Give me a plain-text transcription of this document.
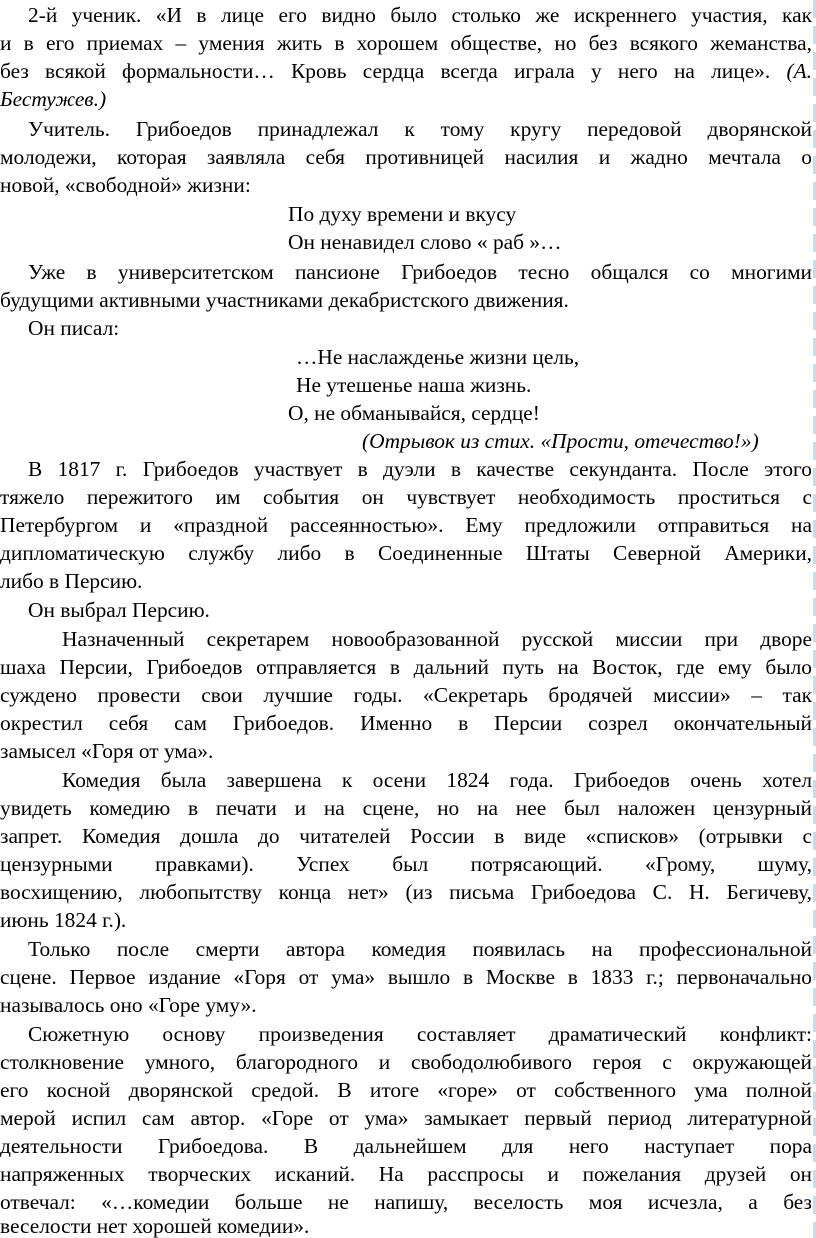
2-й ученик. «И в лице его видно было столько же искреннего участия, как
и в его приемах – умения жить в хорошем обществе, но без всякого жеманства,
без всякой формальности… Кровь сердца всегда играла у него на лице». (А.
Бестужев.)
Учитель. Грибоедов принадлежал к тому кругу передовой дворянской
молодежи, которая заявляла себя противницей насилия и жадно мечтала о
новой, «свободной» жизни:
По духу времени и вкусу
Он ненавидел слово « раб »…
Уже в университетском пансионе Грибоедов тесно общался со многими
будущими активными участниками декабристского движения.
Он писал:
…Не наслажденье жизни цель,
Не утешенье наша жизнь.
О, не обманывайся, сердце!
(Отрывок из стих. «Прости, отечество!»)
В 1817 г. Грибоедов участвует в дуэли в качестве секунданта. После этого
тяжело пережитого им события он чувствует необходимость проститься с
Петербургом и «праздной рассеянностью». Ему предложили отправиться на
дипломатическую службу либо в Соединенные Штаты Северной Америки,
либо в Персию.
Он выбрал Персию.
Назначенный секретарем новообразованной русской миссии при дворе
шаха Персии, Грибоедов отправляется в дальний путь на Восток, где ему было
суждено провести свои лучшие годы. «Секретарь бродячей миссии» – так
окрестил себя сам Грибоедов. Именно в Персии созрел окончательный
замысел «Горя от ума».
Комедия была завершена к осени 1824 года. Грибоедов очень хотел
увидеть комедию в печати и на сцене, но на нее был наложен цензурный
запрет. Комедия дошла до читателей России в виде «списков» (отрывки с
цензурными правками). Успех был потрясающий. «Грому, шуму,
восхищению, любопытству конца нет» (из письма Грибоедова С. Н. Бегичеву,
июнь 1824 г.).
Только после смерти автора комедия появилась на профессиональной
сцене. Первое издание «Горя от ума» вышло в Москве в 1833 г.; первоначально
называлось оно «Горе уму».
Сюжетную основу произведения составляет драматический конфликт:
столкновение умного, благородного и свободолюбивого героя с окружающей
его косной дворянской средой. В итоге «горе» от собственного ума полной
мерой испил сам автор. «Горе от ума» замыкает первый период литературной
деятельности Грибоедова. В дальнейшем для него наступает пора
напряженных творческих исканий. На расспросы и пожелания друзей он
отвечал: «…комедии больше не напишу, веселость моя исчезла, а без
веселости нет хорошей комедии».
